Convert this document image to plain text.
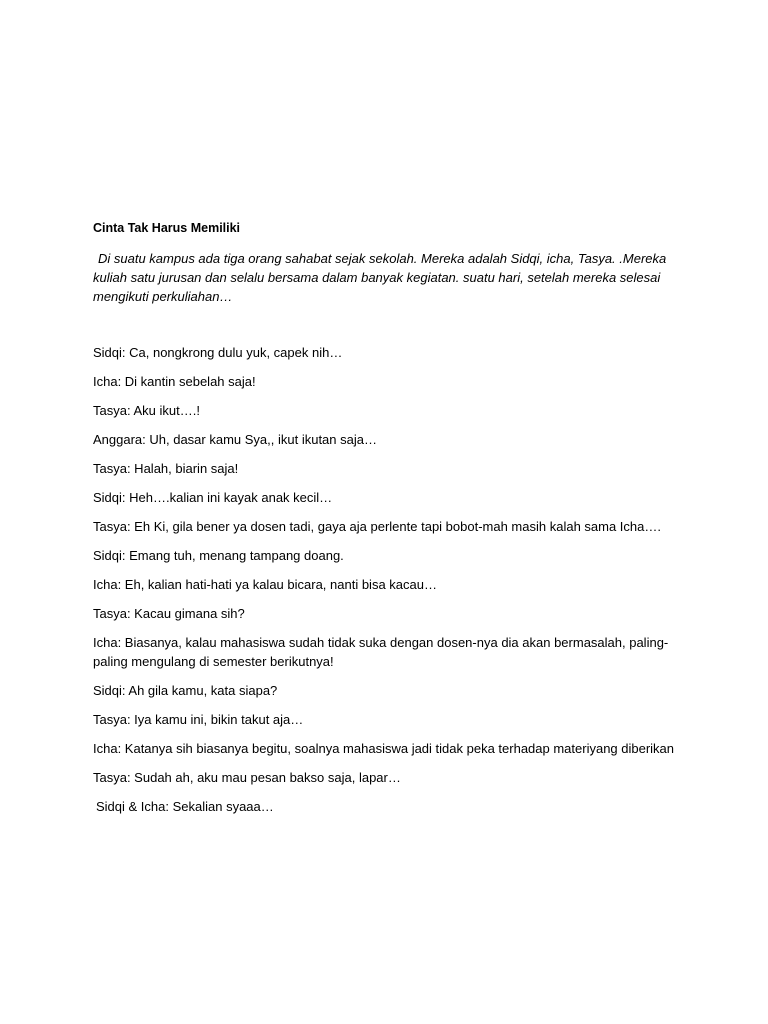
Cinta Tak Harus Memiliki

Di suatu kampus ada tiga orang sahabat sejak sekolah. Mereka adalah Sidqi, icha, Tasya. .Mereka kuliah satu jurusan dan selalu bersama dalam banyak kegiatan. suatu hari, setelah mereka selesai mengikuti perkuliahan…

Sidqi: Ca, nongkrong dulu yuk, capek nih…

Icha: Di kantin sebelah saja!

Tasya: Aku ikut….!

Anggara: Uh, dasar kamu Sya,, ikut ikutan saja…

Tasya: Halah, biarin saja!

Sidqi: Heh….kalian ini kayak anak kecil…

Tasya: Eh Ki, gila bener ya dosen tadi, gaya aja perlente tapi bobot-mah masih kalah sama Icha….

Sidqi: Emang tuh, menang tampang doang.

Icha: Eh, kalian hati-hati ya kalau bicara, nanti bisa kacau…

Tasya: Kacau gimana sih?

Icha: Biasanya, kalau mahasiswa sudah tidak suka dengan dosen-nya dia akan bermasalah, paling-paling mengulang di semester berikutnya!

Sidqi: Ah gila kamu, kata siapa?

Tasya: Iya kamu ini, bikin takut aja…

Icha: Katanya sih biasanya begitu, soalnya mahasiswa jadi tidak peka terhadap materiyang diberikan

Tasya: Sudah ah, aku mau pesan bakso saja, lapar…

Sidqi & Icha: Sekalian syaaa…
